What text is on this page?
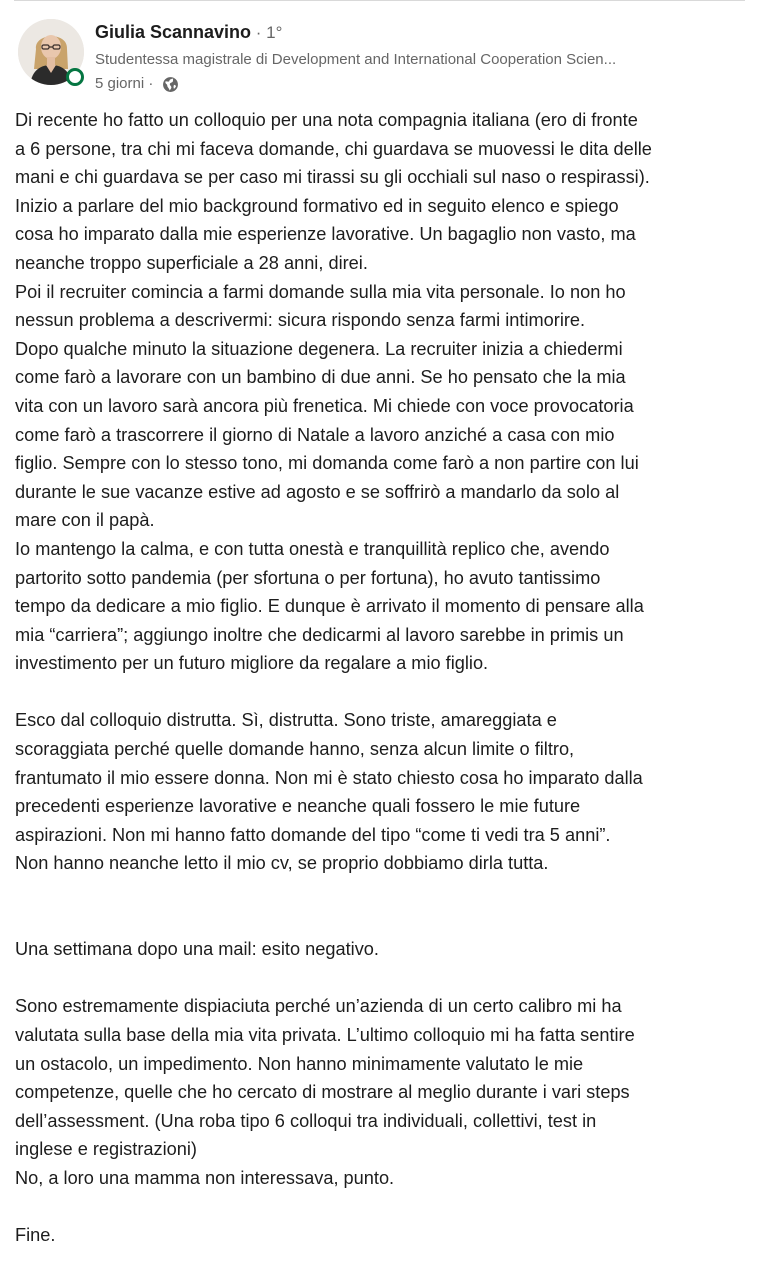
Giulia Scannavino · 1°
Studentessa magistrale di Development and International Cooperation Scien...
5 giorni ·

Di recente ho fatto un colloquio per una nota compagnia italiana (ero di fronte

a 6 persone, tra chi mi faceva domande, chi guardava se muovessi le dita delle

mani e chi guardava se per caso mi tirassi su gli occhiali sul naso o respirassi).

Inizio a parlare del mio background formativo ed in seguito elenco e spiego

cosa ho imparato dalla mie esperienze lavorative. Un bagaglio non vasto, ma

neanche troppo superficiale a 28 anni, direi.

Poi il recruiter comincia a farmi domande sulla mia vita personale. Io non ho

nessun problema a descrivermi: sicura rispondo senza farmi intimorire.

Dopo qualche minuto la situazione degenera. La recruiter inizia a chiedermi

come farò a lavorare con un bambino di due anni. Se ho pensato che la mia

vita con un lavoro sarà ancora più frenetica. Mi chiede con voce provocatoria

come farò a trascorrere il giorno di Natale a lavoro anziché a casa con mio

figlio. Sempre con lo stesso tono, mi domanda come farò a non partire con lui

durante le sue vacanze estive ad agosto e se soffrirò a mandarlo da solo al

mare con il papà.

Io mantengo la calma, e con tutta onestà e tranquillità replico che, avendo

partorito sotto pandemia (per sfortuna o per fortuna), ho avuto tantissimo

tempo da dedicare a mio figlio. E dunque è arrivato il momento di pensare alla

mia “carriera”; aggiungo inoltre che dedicarmi al lavoro sarebbe in primis un

investimento per un futuro migliore da regalare a mio figlio.

Esco dal colloquio distrutta. Sì, distrutta. Sono triste, amareggiata e

scoraggiata perché quelle domande hanno, senza alcun limite o filtro,

frantumato il mio essere donna. Non mi è stato chiesto cosa ho imparato dalla

precedenti esperienze lavorative e neanche quali fossero le mie future

aspirazioni. Non mi hanno fatto domande del tipo “come ti vedi tra 5 anni”.

Non hanno neanche letto il mio cv, se proprio dobbiamo dirla tutta.

Una settimana dopo una mail: esito negativo.

Sono estremamente dispiaciuta perché un’azienda di un certo calibro mi ha

valutata sulla base della mia vita privata. L’ultimo colloquio mi ha fatta sentire

un ostacolo, un impedimento. Non hanno minimamente valutato le mie

competenze, quelle che ho cercato di mostrare al meglio durante i vari steps

dell’assessment. (Una roba tipo 6 colloqui tra individuali, collettivi, test in

inglese e registrazioni)

No, a loro una mamma non interessava, punto.

Fine.
